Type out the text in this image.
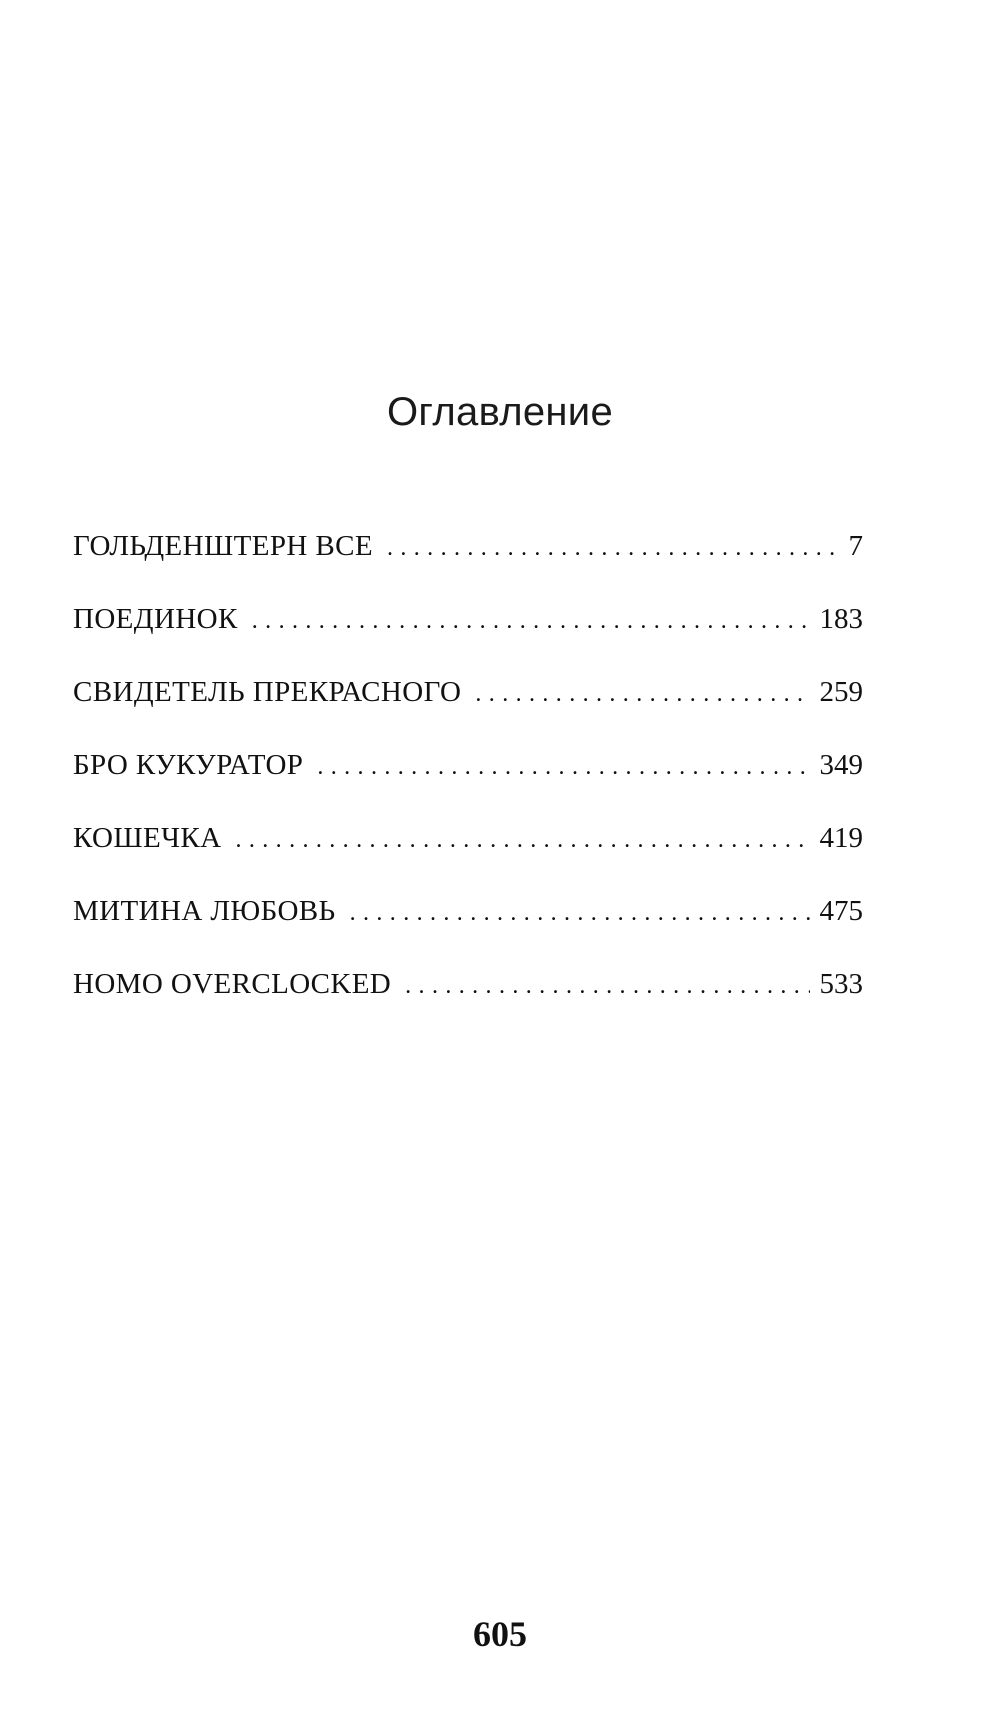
Оглавление
ГОЛЬДЕНШТЕРН ВСЕ .....	7
ПОЕДИНОК .....	183
СВИДЕТЕЛЬ ПРЕКРАСНОГО .....	259
БРО КУКУРАТОР .....	349
КОШЕЧКА .....	419
МИТИНА ЛЮБОВЬ .....	475
HOMO OVERCLOCKED .....	533
605
